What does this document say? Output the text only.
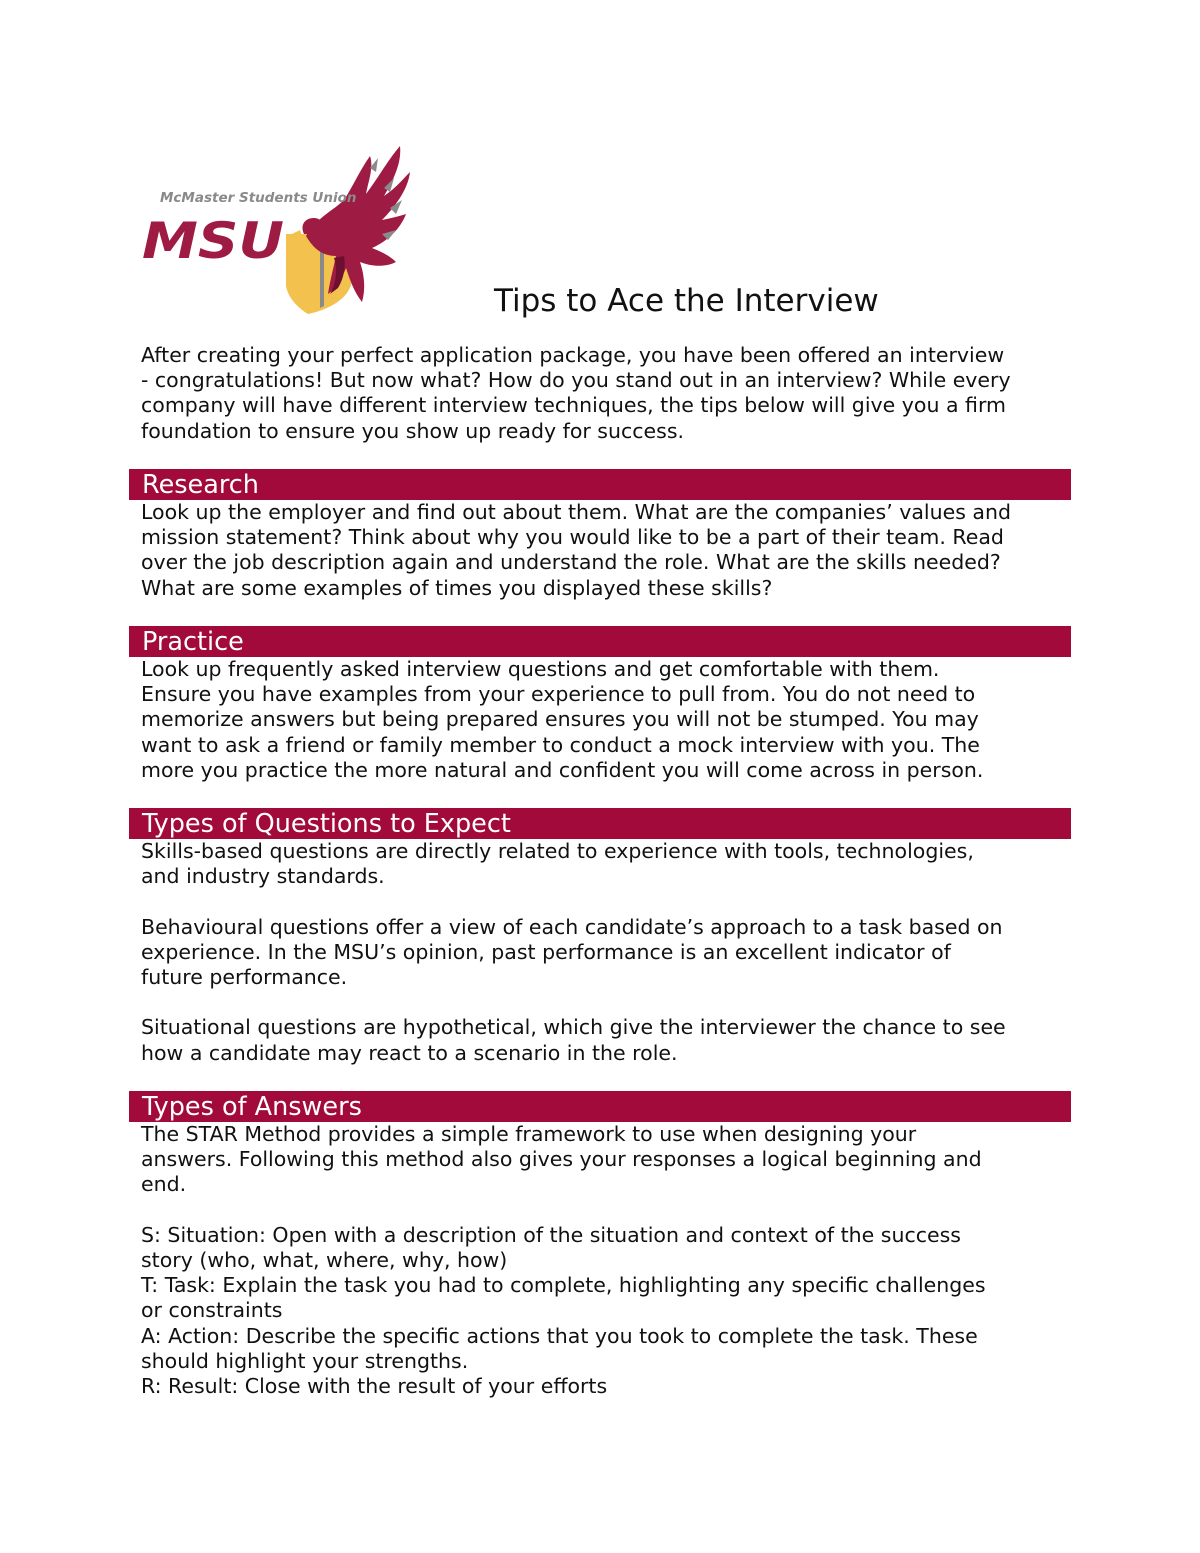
McMaster Students Union
MSU
Tips to Ace the Interview

After creating your perfect application package, you have been offered an interview

- congratulations! But now what? How do you stand out in an interview? While every

company will have different interview techniques, the tips below will give you a firm

foundation to ensure you show up ready for success.

Research

Look up the employer and find out about them. What are the companies’ values and

mission statement? Think about why you would like to be a part of their team. Read

over the job description again and understand the role. What are the skills needed?

What are some examples of times you displayed these skills?

Practice

Look up frequently asked interview questions and get comfortable with them.

Ensure you have examples from your experience to pull from. You do not need to

memorize answers but being prepared ensures you will not be stumped. You may

want to ask a friend or family member to conduct a mock interview with you. The

more you practice the more natural and confident you will come across in person.

Types of Questions to Expect

Skills-based questions are directly related to experience with tools, technologies,

and industry standards.

Behavioural questions offer a view of each candidate’s approach to a task based on

experience. In the MSU’s opinion, past performance is an excellent indicator of

future performance.

Situational questions are hypothetical, which give the interviewer the chance to see

how a candidate may react to a scenario in the role.

Types of Answers

The STAR Method provides a simple framework to use when designing your

answers. Following this method also gives your responses a logical beginning and

end.

S: Situation: Open with a description of the situation and context of the success

story (who, what, where, why, how)

T: Task: Explain the task you had to complete, highlighting any specific challenges

or constraints

A: Action: Describe the specific actions that you took to complete the task. These

should highlight your strengths.

R: Result: Close with the result of your efforts
